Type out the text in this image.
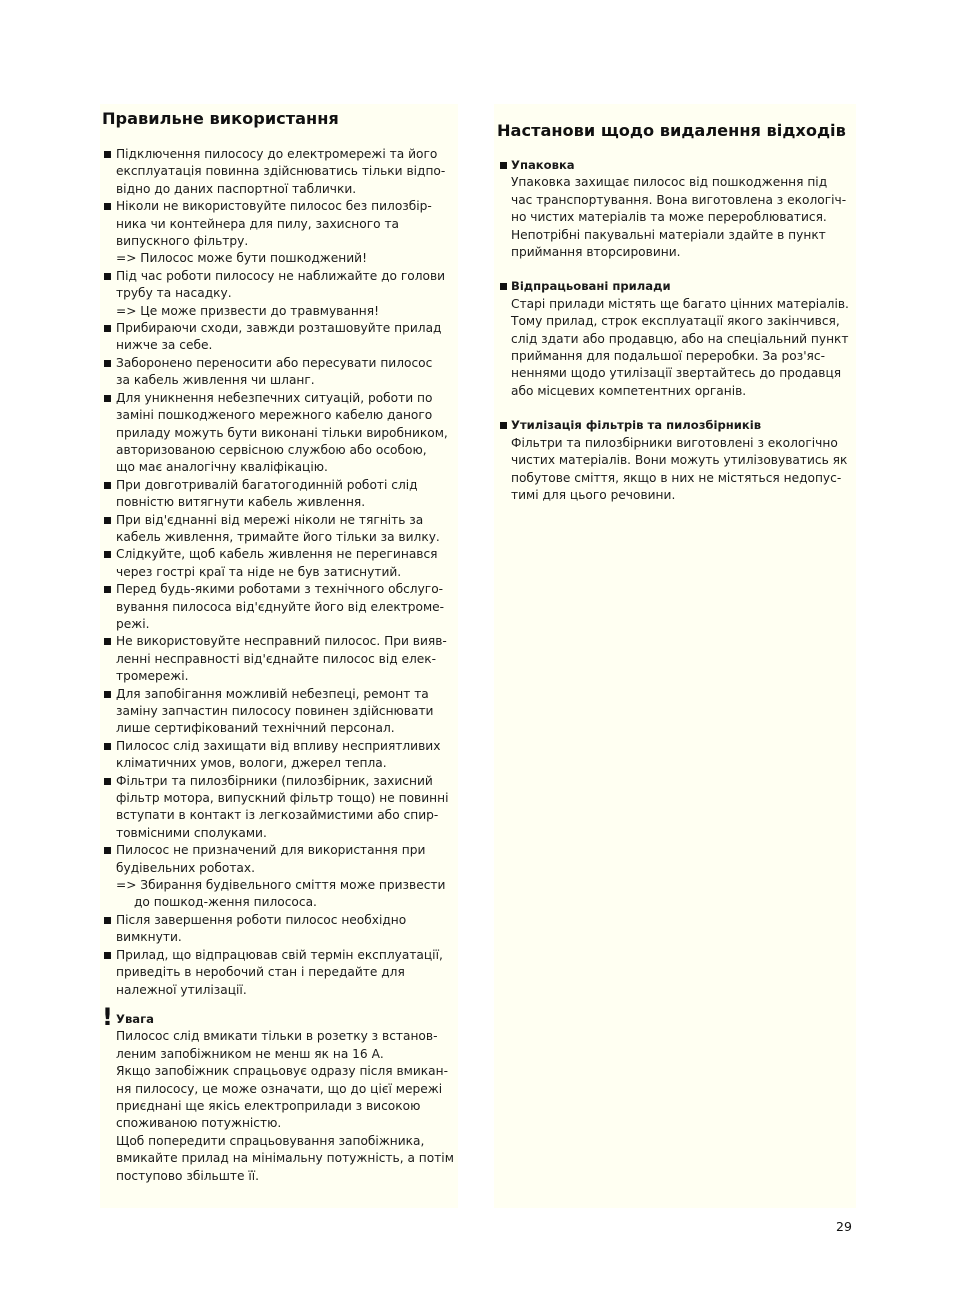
Правильне використання
Підключення пилососу до електромережі та його
експлуатація повинна здійснюватись тільки відпо-
відно до даних паспортної таблички.
Ніколи не використовуйте пилосос без пилозбір-
ника чи контейнера для пилу, захисного та
випускного фільтру.
=> Пилосос може бути пошкоджений!
Під час роботи пилососу не наближайте до голови
трубу та насадку.
=> Це може призвести до травмування!
Прибираючи сходи, завжди розташовуйте прилад
нижче за себе.
Заборонено переносити або пересувати пилосос
за кабель живлення чи шланг.
Для уникнення небезпечних ситуацій, роботи по
заміні пошкодженого мережного кабелю даного
приладу можуть бути виконані тільки виробником,
авторизованою сервісною службою або особою,
що має аналогічну кваліфікацію.
При довготривалій багатогодинній роботі слід
повністю витягнути кабель живлення.
При від'єднанні від мережі ніколи не тягніть за
кабель живлення, тримайте його тільки за вилку.
Слідкуйте, щоб кабель живлення не перегинався
через гострі краї та ніде не був затиснутий.
Перед будь-якими роботами з технічного обслуго-
вування пилососа від'єднуйте його від електроме-
режі.
Не використовуйте несправний пилосос. При вияв-
ленні несправності від'єднайте пилосос від елек-
тромережі.
Для запобігання можливій небезпеці, ремонт та
заміну запчастин пилососу повинен здійснювати
лише сертифікований технічний персонал.
Пилосос слід захищати від впливу несприятливих
кліматичних умов, вологи, джерел тепла.
Фільтри та пилозбірники (пилозбірник, захисний
фільтр мотора, випускний фільтр тощо) не повинні
вступати в контакт із легкозаймистими або спир-
товмісними сполуками.
Пилосос не призначений для використання при
будівельних роботах.
=> Збирання будівельного сміття може призвести
до пошкод-ження пилососа.
Після завершення роботи пилосос необхідно
вимкнути.
Прилад, що відпрацював свій термін експлуатації,
приведіть в неробочий стан і передайте для
належної утилізації.
! Увага
Пилосос слід вмикати тільки в розетку з встанов-
леним запобіжником не менш як на 16 А.
Якщо запобіжник спрацьовує одразу після вмикан-
ня пилососу, це може означати, що до цієї мережі
приєднані ще якісь електроприлади з високою
споживаною потужністю.
Щоб попередити спрацьовування запобіжника,
вмикайте прилад на мінімальну потужність, а потім
поступово збільште її.
Настанови щодо видалення відходів
Упаковка
Упаковка захищає пилосос від пошкодження під
час транспортування. Вона виготовлена з екологіч-
но чистих матеріалів та може перероблюватися.
Непотрібні пакувальні матеріали здайте в пункт
приймання вторсировини.
Відпрацьовані прилади
Старі прилади містять ще багато цінних матеріалів.
Тому прилад, строк експлуатації якого закінчився,
слід здати або продавцю, або на спеціальний пункт
приймання для подальшої переробки. За роз'яс-
неннями щодо утилізації звертайтесь до продавця
або місцевих компетентних органів.
Утилізація фільтрів та пилозбірників
Фільтри та пилозбірники виготовлені з екологічно
чистих матеріалів. Вони можуть утилізовуватись як
побутове сміття, якщо в них не містяться недопус-
тимі для цього речовини.
29
